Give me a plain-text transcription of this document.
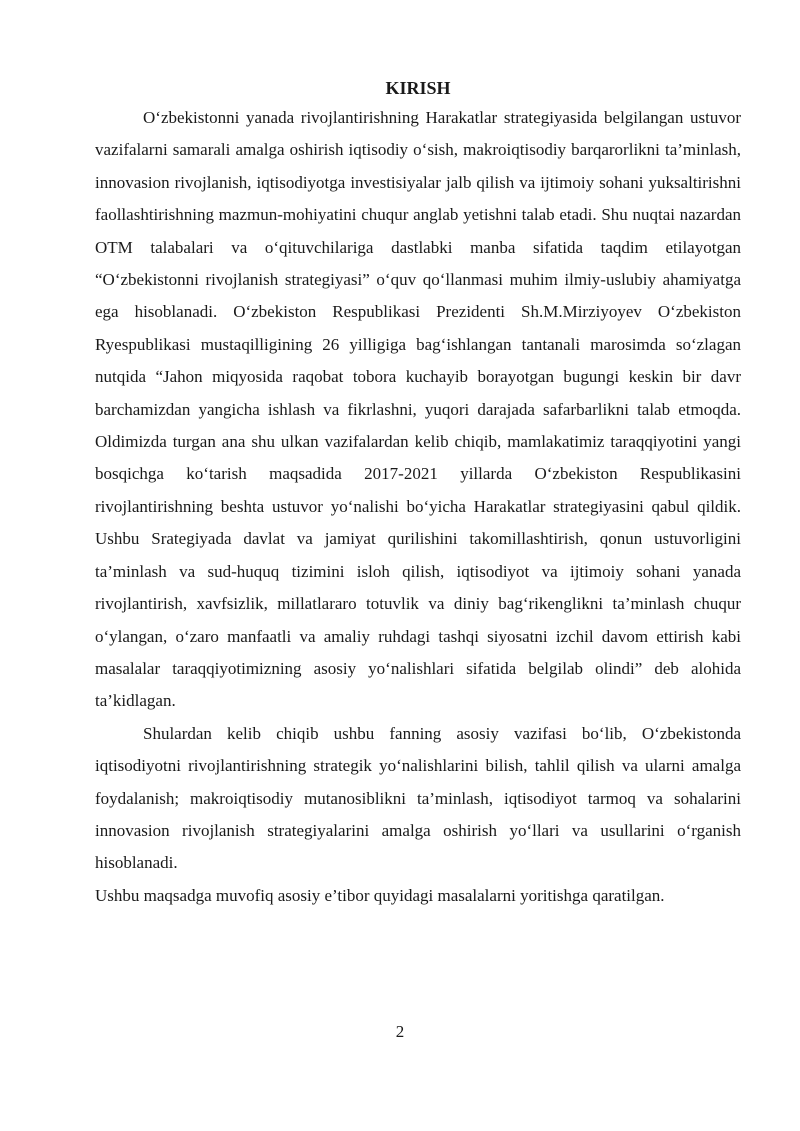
KIRISH

O‘zbekistonni yanada rivojlantirishning Harakatlar strategiyasida belgilangan ustuvor vazifalarni samarali amalga oshirish iqtisodiy o‘sish, makroiqtisodiy barqarorlikni ta’minlash, innovasion rivojlanish, iqtisodiyotga investisiyalar jalb qilish va ijtimoiy sohani yuksaltirishni faollashtirishning mazmun-mohiyatini chuqur anglab yetishni talab etadi. Shu nuqtai nazardan OTM talabalari va o‘qituvchilariga dastlabki manba sifatida taqdim etilayotgan “O‘zbekistonni rivojlanish strategiyasi” o‘quv qo‘llanmasi muhim ilmiy-uslubiy ahamiyatga ega hisoblanadi. O‘zbekiston Respublikasi Prezidenti Sh.M.Mirziyoyev O‘zbekiston Ryespublikasi mustaqilligining 26 yilligiga bag‘ishlangan tantanali marosimda so‘zlagan nutqida “Jahon miqyosida raqobat tobora kuchayib borayotgan bugungi keskin bir davr barchamizdan yangicha ishlash va fikrlashni, yuqori darajada safarbarlikni talab etmoqda. Oldimizda turgan ana shu ulkan vazifalardan kelib chiqib, mamlakatimiz taraqqiyotini yangi bosqichga ko‘tarish maqsadida 2017-2021 yillarda O‘zbekiston Respublikasini rivojlantirishning beshta ustuvor yo‘nalishi bo‘yicha Harakatlar strategiyasini qabul qildik. Ushbu Srategiyada davlat va jamiyat qurilishini takomillashtirish, qonun ustuvorligini ta’minlash va sud-huquq tizimini isloh qilish, iqtisodiyot va ijtimoiy sohani yanada rivojlantirish, xavfsizlik, millatlararo totuvlik va diniy bag‘rikenglikni ta’minlash chuqur o‘ylangan, o‘zaro manfaatli va amaliy ruhdagi tashqi siyosatni izchil davom ettirish kabi masalalar taraqqiyotimizning asosiy yo‘nalishlari sifatida belgilab olindi” deb alohida ta’kidlagan.

Shulardan kelib chiqib ushbu fanning asosiy vazifasi bo‘lib, O‘zbekistonda iqtisodiyotni rivojlantirishning strategik yo‘nalishlarini bilish, tahlil qilish va ularni amalga foydalanish; makroiqtisodiy mutanosiblikni ta’minlash, iqtisodiyot tarmoq va sohalarini innovasion rivojlanish strategiyalarini amalga oshirish yo‘llari va usullarini o‘rganish hisoblanadi.

Ushbu maqsadga muvofiq asosiy e’tibor quyidagi masalalarni yoritishga qaratilgan.

2
